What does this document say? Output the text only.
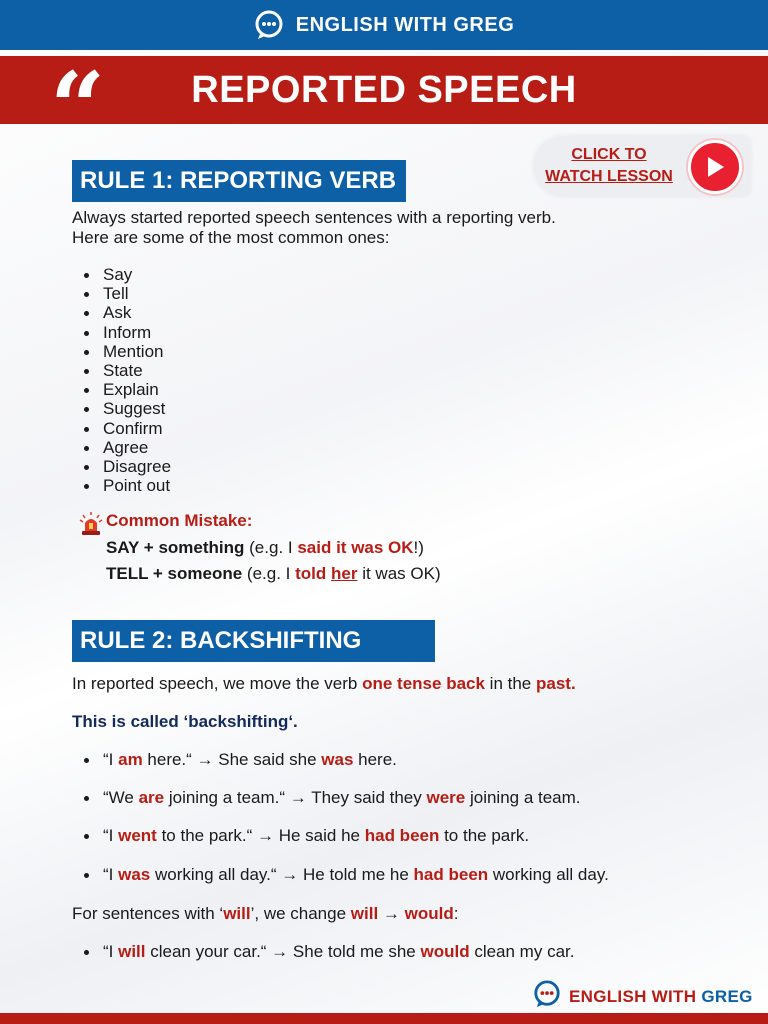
ENGLISH WITH GREG
“ REPORTED SPEECH
CLICK TO
WATCH LESSON
RULE 1: REPORTING VERB
Always started reported speech sentences with a reporting verb.
Here are some of the most common ones:
Say
Tell
Ask
Inform
Mention
State
Explain
Suggest
Confirm
Agree
Disagree
Point out
Common Mistake:
SAY + something (e.g. I said it was OK!)
TELL + someone (e.g. I told her it was OK)
RULE 2: BACKSHIFTING
In reported speech, we move the verb one tense back in the past.
This is called ‘backshifting‘.
“I am here.“ → She said she was here.
“We are joining a team.“ → They said they were joining a team.
“I went to the park.“ → He said he had been to the park.
“I was working all day.“ → He told me he had been working all day.
For sentences with ‘will’, we change will → would:
“I will clean your car.“ → She told me she would clean my car.
ENGLISH WITH GREG
